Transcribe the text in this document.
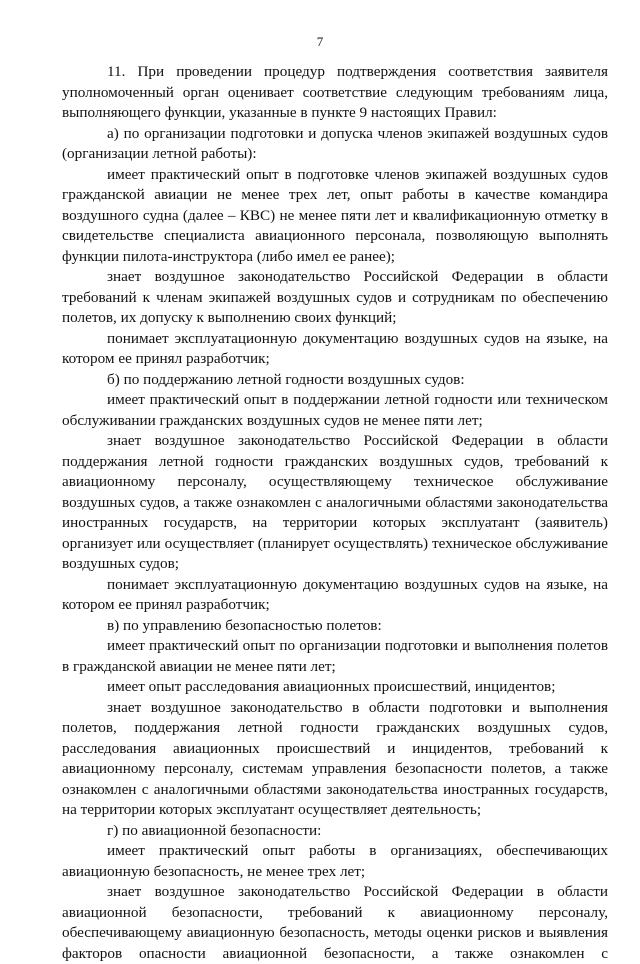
7

11. При проведении процедур подтверждения соответствия заявителя уполномоченный орган оценивает соответствие следующим требованиям лица, выполняющего функции, указанные в пункте 9 настоящих Правил:

а) по организации подготовки и допуска членов экипажей воздушных судов (организации летной работы):

имеет практический опыт в подготовке членов экипажей воздушных судов гражданской авиации не менее трех лет, опыт работы в качестве командира воздушного судна (далее – КВС) не менее пяти лет и квалификационную отметку в свидетельстве специалиста авиационного персонала, позволяющую выполнять функции пилота-инструктора (либо имел ее ранее);

знает воздушное законодательство Российской Федерации в области требований к членам экипажей воздушных судов и сотрудникам по обеспечению полетов, их допуску к выполнению своих функций;

понимает эксплуатационную документацию воздушных судов на языке, на котором ее принял разработчик;

б) по поддержанию летной годности воздушных судов:

имеет практический опыт в поддержании летной годности или техническом обслуживании гражданских воздушных судов не менее пяти лет;

знает воздушное законодательство Российской Федерации в области поддержания летной годности гражданских воздушных судов, требований к авиационному персоналу, осуществляющему техническое обслуживание воздушных судов, а также ознакомлен с аналогичными областями законодательства иностранных государств, на территории которых эксплуатант (заявитель) организует или осуществляет (планирует осуществлять) техническое обслуживание воздушных судов;

понимает эксплуатационную документацию воздушных судов на языке, на котором ее принял разработчик;

в) по управлению безопасностью полетов:

имеет практический опыт по организации подготовки и выполнения полетов в гражданской авиации не менее пяти лет;

имеет опыт расследования авиационных происшествий, инцидентов;

знает воздушное законодательство в области подготовки и выполнения полетов, поддержания летной годности гражданских воздушных судов, расследования авиационных происшествий и инцидентов, требований к авиационному персоналу, системам управления безопасности полетов, а также ознакомлен с аналогичными областями законодательства иностранных государств, на территории которых эксплуатант осуществляет деятельность;

г) по авиационной безопасности:

имеет практический опыт работы в организациях, обеспечивающих авиационную безопасность, не менее трех лет;

знает воздушное законодательство Российской Федерации в области авиационной безопасности, требований к авиационному персоналу, обеспечивающему авиационную безопасность, методы оценки рисков и выявления факторов опасности авиационной безопасности, а также ознакомлен с
